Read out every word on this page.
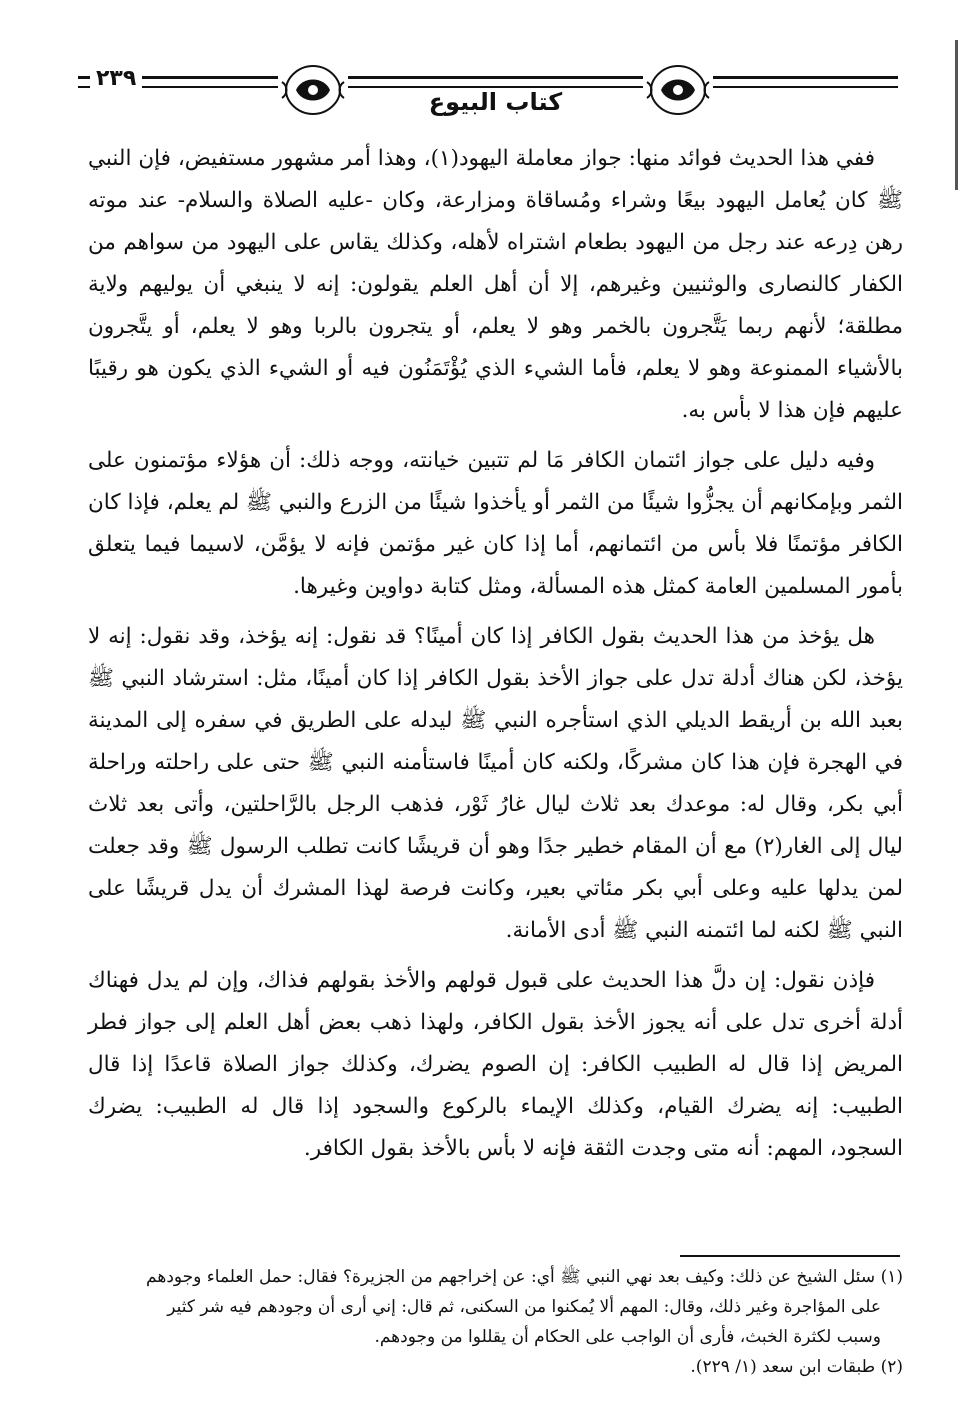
٢٣٩
كتاب البيوع

ففي هذا الحديث فوائد منها: جواز معاملة اليهود(١)، وهذا أمر مشهور مستفيض، فإن النبي ﷺ كان يُعامل اليهود بيعًا وشراء ومُساقاة ومزارعة، وكان -عليه الصلاة والسلام- عند موته رهن دِرعه عند رجل من اليهود بطعام اشتراه لأهله، وكذلك يقاس على اليهود من سواهم من الكفار كالنصارى والوثنيين وغيرهم، إلا أن أهل العلم يقولون: إنه لا ينبغي أن يوليهم ولاية مطلقة؛ لأنهم ربما يَتَّجرون بالخمر وهو لا يعلم، أو يتجرون بالربا وهو لا يعلم، أو يتَّجرون بالأشياء الممنوعة وهو لا يعلم، فأما الشيء الذي يُؤْتَمَنُون فيه أو الشيء الذي يكون هو رقيبًا عليهم فإن هذا لا بأس به.

وفيه دليل على جواز ائتمان الكافر مَا لم تتبين خيانته، ووجه ذلك: أن هؤلاء مؤتمنون على الثمر وبإمكانهم أن يجزُّوا شيئًا من الثمر أو يأخذوا شيئًا من الزرع والنبي ﷺ لم يعلم، فإذا كان الكافر مؤتمنًا فلا بأس من ائتمانهم، أما إذا كان غير مؤتمن فإنه لا يؤمَّن، لاسيما فيما يتعلق بأمور المسلمين العامة كمثل هذه المسألة، ومثل كتابة دواوين وغيرها.

هل يؤخذ من هذا الحديث بقول الكافر إذا كان أمينًا؟ قد نقول: إنه يؤخذ، وقد نقول: إنه لا يؤخذ، لكن هناك أدلة تدل على جواز الأخذ بقول الكافر إذا كان أمينًا، مثل: استرشاد النبي ﷺ بعبد الله بن أريقط الديلي الذي استأجره النبي ﷺ ليدله على الطريق في سفره إلى المدينة في الهجرة فإن هذا كان مشركًا، ولكنه كان أمينًا فاستأمنه النبي ﷺ حتى على راحلته وراحلة أبي بكر، وقال له: موعدك بعد ثلاث ليال غارُ ثَوْر، فذهب الرجل بالرَّاحلتين، وأتى بعد ثلاث ليال إلى الغار(٢) مع أن المقام خطير جدًا وهو أن قريشًا كانت تطلب الرسول ﷺ وقد جعلت لمن يدلها عليه وعلى أبي بكر مئاتي بعير، وكانت فرصة لهذا المشرك أن يدل قريشًا على النبي ﷺ لكنه لما ائتمنه النبي ﷺ أدى الأمانة.

فإذن نقول: إن دلَّ هذا الحديث على قبول قولهم والأخذ بقولهم فذاك، وإن لم يدل فهناك أدلة أخرى تدل على أنه يجوز الأخذ بقول الكافر، ولهذا ذهب بعض أهل العلم إلى جواز فطر المريض إذا قال له الطبيب الكافر: إن الصوم يضرك، وكذلك جواز الصلاة قاعدًا إذا قال الطبيب: إنه يضرك القيام، وكذلك الإيماء بالركوع والسجود إذا قال له الطبيب: يضرك السجود، المهم: أنه متى وجدت الثقة فإنه لا بأس بالأخذ بقول الكافر.

(١) سئل الشيخ عن ذلك: وكيف بعد نهي النبي ﷺ أي: عن إخراجهم من الجزيرة؟ فقال: حمل العلماء وجودهم

على المؤاجرة وغير ذلك، وقال: المهم ألا يُمكنوا من السكنى، ثم قال: إني أرى أن وجودهم فيه شر كثير

وسبب لكثرة الخبث، فأرى أن الواجب على الحكام أن يقللوا من وجودهم.

(٢) طبقات ابن سعد (١/ ٢٢٩).
